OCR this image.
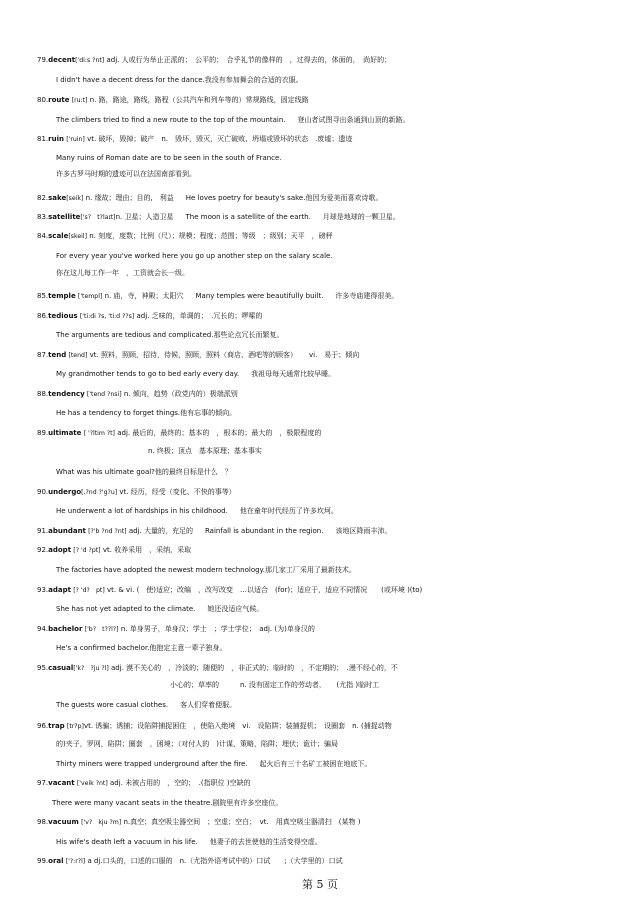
79.decent['di:s ?nt] adj. 人或行为举止正派的；　公平的；　合乎礼节的像样的　，过得去的，体面的，　尚好的；
I didn't have a decent dress for the dance.我没有参加舞会的合适的衣服。
80.route [ru:t] n. 路，路途，路线，路程（公共汽车和列车等的）常规路线，固定线路
The climbers tried to find a new route to the top of the mountain. 登山者试图寻出条通到山顶的新路。
81.ruin ['ruin] vt. 破坏，毁掉；破产　n.　毁坏，毁灭，灭亡破败、坍塌或毁坏的状态　.废墟；遗迹
Many ruins of Roman date are to be seen in the south of France.
许多古罗马时期的遗迹可以在法国南部看到。
82.sake[seik] n. 缘故；理由；目的,　利益 He loves poetry for beauty's sake.他因为爱美而喜欢诗歌。
83.satellite['s?　t?laɪt]n. 卫星；人造卫星 The moon is a satellite of the earth. 月球是地球的一颗卫星。
84.scale[skeil] n. 刻度，度数；比例（尺）；规模；程度；范围；等级　；级别；天平　，磅秤
For every year you've worked here you go up another step on the salary scale.
你在这儿每工作一年　，工资就会长一级。
85.temple ['templ] n. 庙，寺，神殿；太阳穴 Many temples were beautifully built. 许多寺庙建得很美。
86.tedious ['ti:di ?s, 'ti:d ??s] adj. 乏味的，单调的；　.冗长的；啰嗦的
The arguments are tedious and complicated.那些论点冗长而繁复。
87.tend [tend] vt. 照料，照顾，招待，侍候，照顾，照料（商店、酒吧等的顾客） vi.　易于；倾向
My grandmother tends to go to bed early every day. 我祖母每天通常比较早睡。
88.tendency ['tend ?nsi] n. 倾向，趋势（政党内的）极端派别
He has a tendency to forget things.他有忘事的倾向。
89.ultimate [ '?ltim ?t] adj. 最后的，最终的；基本的　，根本的；最大的　，极限程度的
n. 终极；顶点　基本原理；基本事实
What was his ultimate goal?他的最终目标是什么　？
90.undergo[,?nd ?'g?u] vt. 经历，经受（变化、不快的事等）
He underwent a lot of hardships in his childhood. 他在童年时代经历了许多坎坷。
91.abundant [?'b ?nd ?nt] adj. 大量的，充足的 Rainfall is abundant in the region. 该地区降雨丰沛。
92.adopt [? 'd ?pt] vt. 收养采用　，采纳，采取
The factories have adopted the newest modern technology.那几家工厂采用了最新技术。
93.adapt [? 'd?　pt] vt. & vi. (　使)适应；改编　，改写改变　…以适合　(for)；适应于，适应不同情况　　(或环境 )(to)
She has not yet adapted to the climate. 她还没适应气候。
94.bachelor ['b?　t??l?] n. 单身男子，单身汉；学士　；学士学位；　adj. (为)单身汉的
He's a confirmed bachelor.他抱定主意一辈子独身。
95.casual['k?　?ju ?l] adj. 漠不关心的　，冷淡的；随便的　，非正式的；临时的　，不定期的；　.漫不经心的，不
小心的；草率的　　　n. 没有固定工作的劳动者，　　(尤指 )临时工
The guests wore casual clothes. 客人们穿着便服。
96.trap [tr?p]vt. 诱骗；诱捕；设陷阱捕捉困住　，使陷入绝境　vi.　设陷阱；装捕捉机；　设圈套　n. (捕捉动物
的)夹子，罗网，陷阱；圈套　，困境；（对付人的　)计谋，策略，陷阱；埋伏；诡计；骗局
Thirty miners were trapped underground after the fire. 起火后有三十名矿工被困在地底下。
97.vacant ['veik ?nt] adj. 未被占用的　，空的；　.(指职位 )空缺的
There were many vacant seats in the theatre.剧院里有许多空座位。
98.vacuum ['v?　kju ?m] n.真空；真空吸尘器空间　；空虚；空白；　vt.　用真空吸尘器清扫　(某物 )
His wife's death left a vacuum in his life. 他妻子的去世使他的生活变得空虚。
99.oral ['?:r?l] a dj.口头的，口述的口服的　n.（尤指外语考试中的）口试　　;（大学里的）口试
第 5 页
